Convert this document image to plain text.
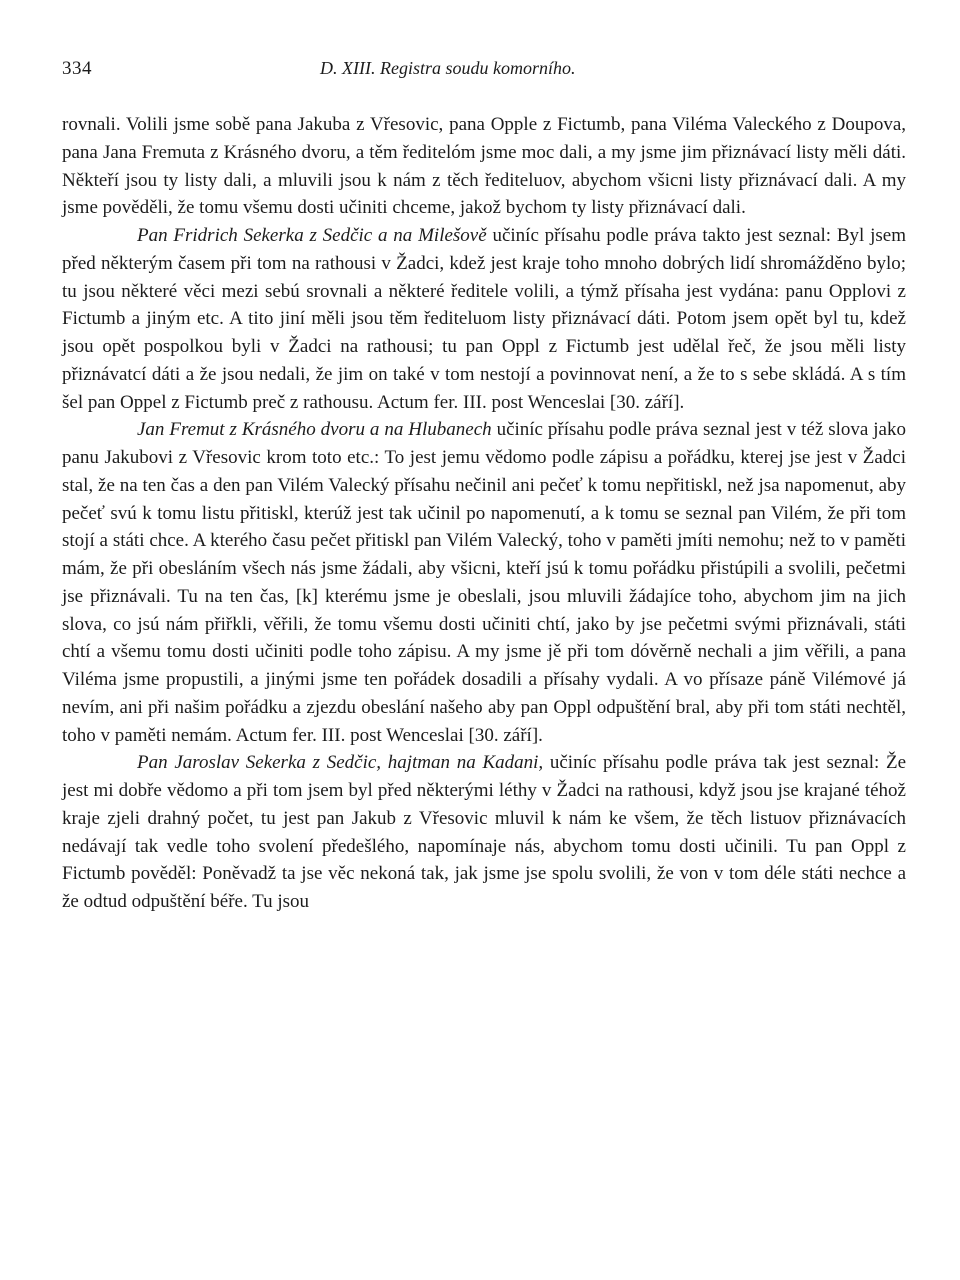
334	D. XIII. Registra soudu komorního.

rovnali. Volili jsme sobě pana Jakuba z Vřesovic, pana Opple z Fictumb, pana Viléma Valeckého z Doupova, pana Jana Fremuta z Krásného dvoru, a těm ředitelóm jsme moc dali, a my jsme jim přiznávací listy měli dáti. Někteří jsou ty listy dali, a mluvili jsou k nám z těch řediteluov, abychom všicni listy přiznávací dali. A my jsme pověděli, že tomu všemu dosti učiniti chceme, jakož bychom ty listy přiznávací dali.

Pan Fridrich Sekerka z Sedčic a na Milešově učiníc přísahu podle práva takto jest seznal: Byl jsem před některým časem při tom na rathousi v Žadci, kdež jest kraje toho mnoho dobrých lidí shromážděno bylo; tu jsou některé věci mezi sebú srovnali a některé ředitele volili, a týmž přísaha jest vydána: panu Opplovi z Fictumb a jiným etc. A tito jiní měli jsou těm řediteluom listy přiznávací dáti. Potom jsem opět byl tu, kdež jsou opět pospolkou byli v Žadci na rathousi; tu pan Oppl z Fictumb jest udělal řeč, že jsou měli listy přiznávatcí dáti a že jsou nedali, že jim on také v tom nestojí a povinnovat není, a že to s sebe skládá. A s tím šel pan Oppel z Fictumb preč z rathousu. Actum fer. III. post Wenceslai [30. září].

Jan Fremut z Krásného dvoru a na Hlubanech učiníc přísahu podle práva seznal jest v též slova jako panu Jakubovi z Vřesovic krom toto etc.: To jest jemu vědomo podle zápisu a pořádku, kterej jse jest v Žadci stal, že na ten čas a den pan Vilém Valecký přísahu nečinil ani pečeť k tomu nepřitiskl, než jsa napomenut, aby pečeť svú k tomu listu přitiskl, kterúž jest tak učinil po napomenutí, a k tomu se seznal pan Vilém, že při tom stojí a státi chce. A kterého času pečet přitiskl pan Vilém Valecký, toho v paměti jmíti nemohu; než to v paměti mám, že při obesláním všech nás jsme žádali, aby všicni, kteří jsú k tomu pořádku přistúpili a svolili, pečetmi jse přiznávali. Tu na ten čas, [k] kterému jsme je obeslali, jsou mluvili žádajíce toho, abychom jim na jich slova, co jsú nám přiřkli, věřili, že tomu všemu dosti učiniti chtí, jako by jse pečetmi svými přiznávali, státi chtí a všemu tomu dosti učiniti podle toho zápisu. A my jsme jě při tom dóvěrně nechali a jim věřili, a pana Viléma jsme propustili, a jinými jsme ten pořádek dosadili a přísahy vydali. A vo přísaze páně Vilémové já nevím, ani při našim pořádku a zjezdu obeslání našeho aby pan Oppl odpuštění bral, aby při tom státi nechtěl, toho v paměti nemám. Actum fer. III. post Wenceslai [30. září].

Pan Jaroslav Sekerka z Sedčic, hajtman na Kadani, učiníc přísahu podle práva tak jest seznal: Že jest mi dobře vědomo a při tom jsem byl před některými léthy v Žadci na rathousi, když jsou jse krajané téhož kraje zjeli drahný počet, tu jest pan Jakub z Vřesovic mluvil k nám ke všem, že těch listuov přiznávacích nedávají tak vedle toho svolení předešlého, napomínaje nás, abychom tomu dosti učinili. Tu pan Oppl z Fictumb pověděl: Poněvadž ta jse věc nekoná tak, jak jsme jse spolu svolili, že von v tom déle státi nechce a že odtud odpuštění béře. Tu jsou
